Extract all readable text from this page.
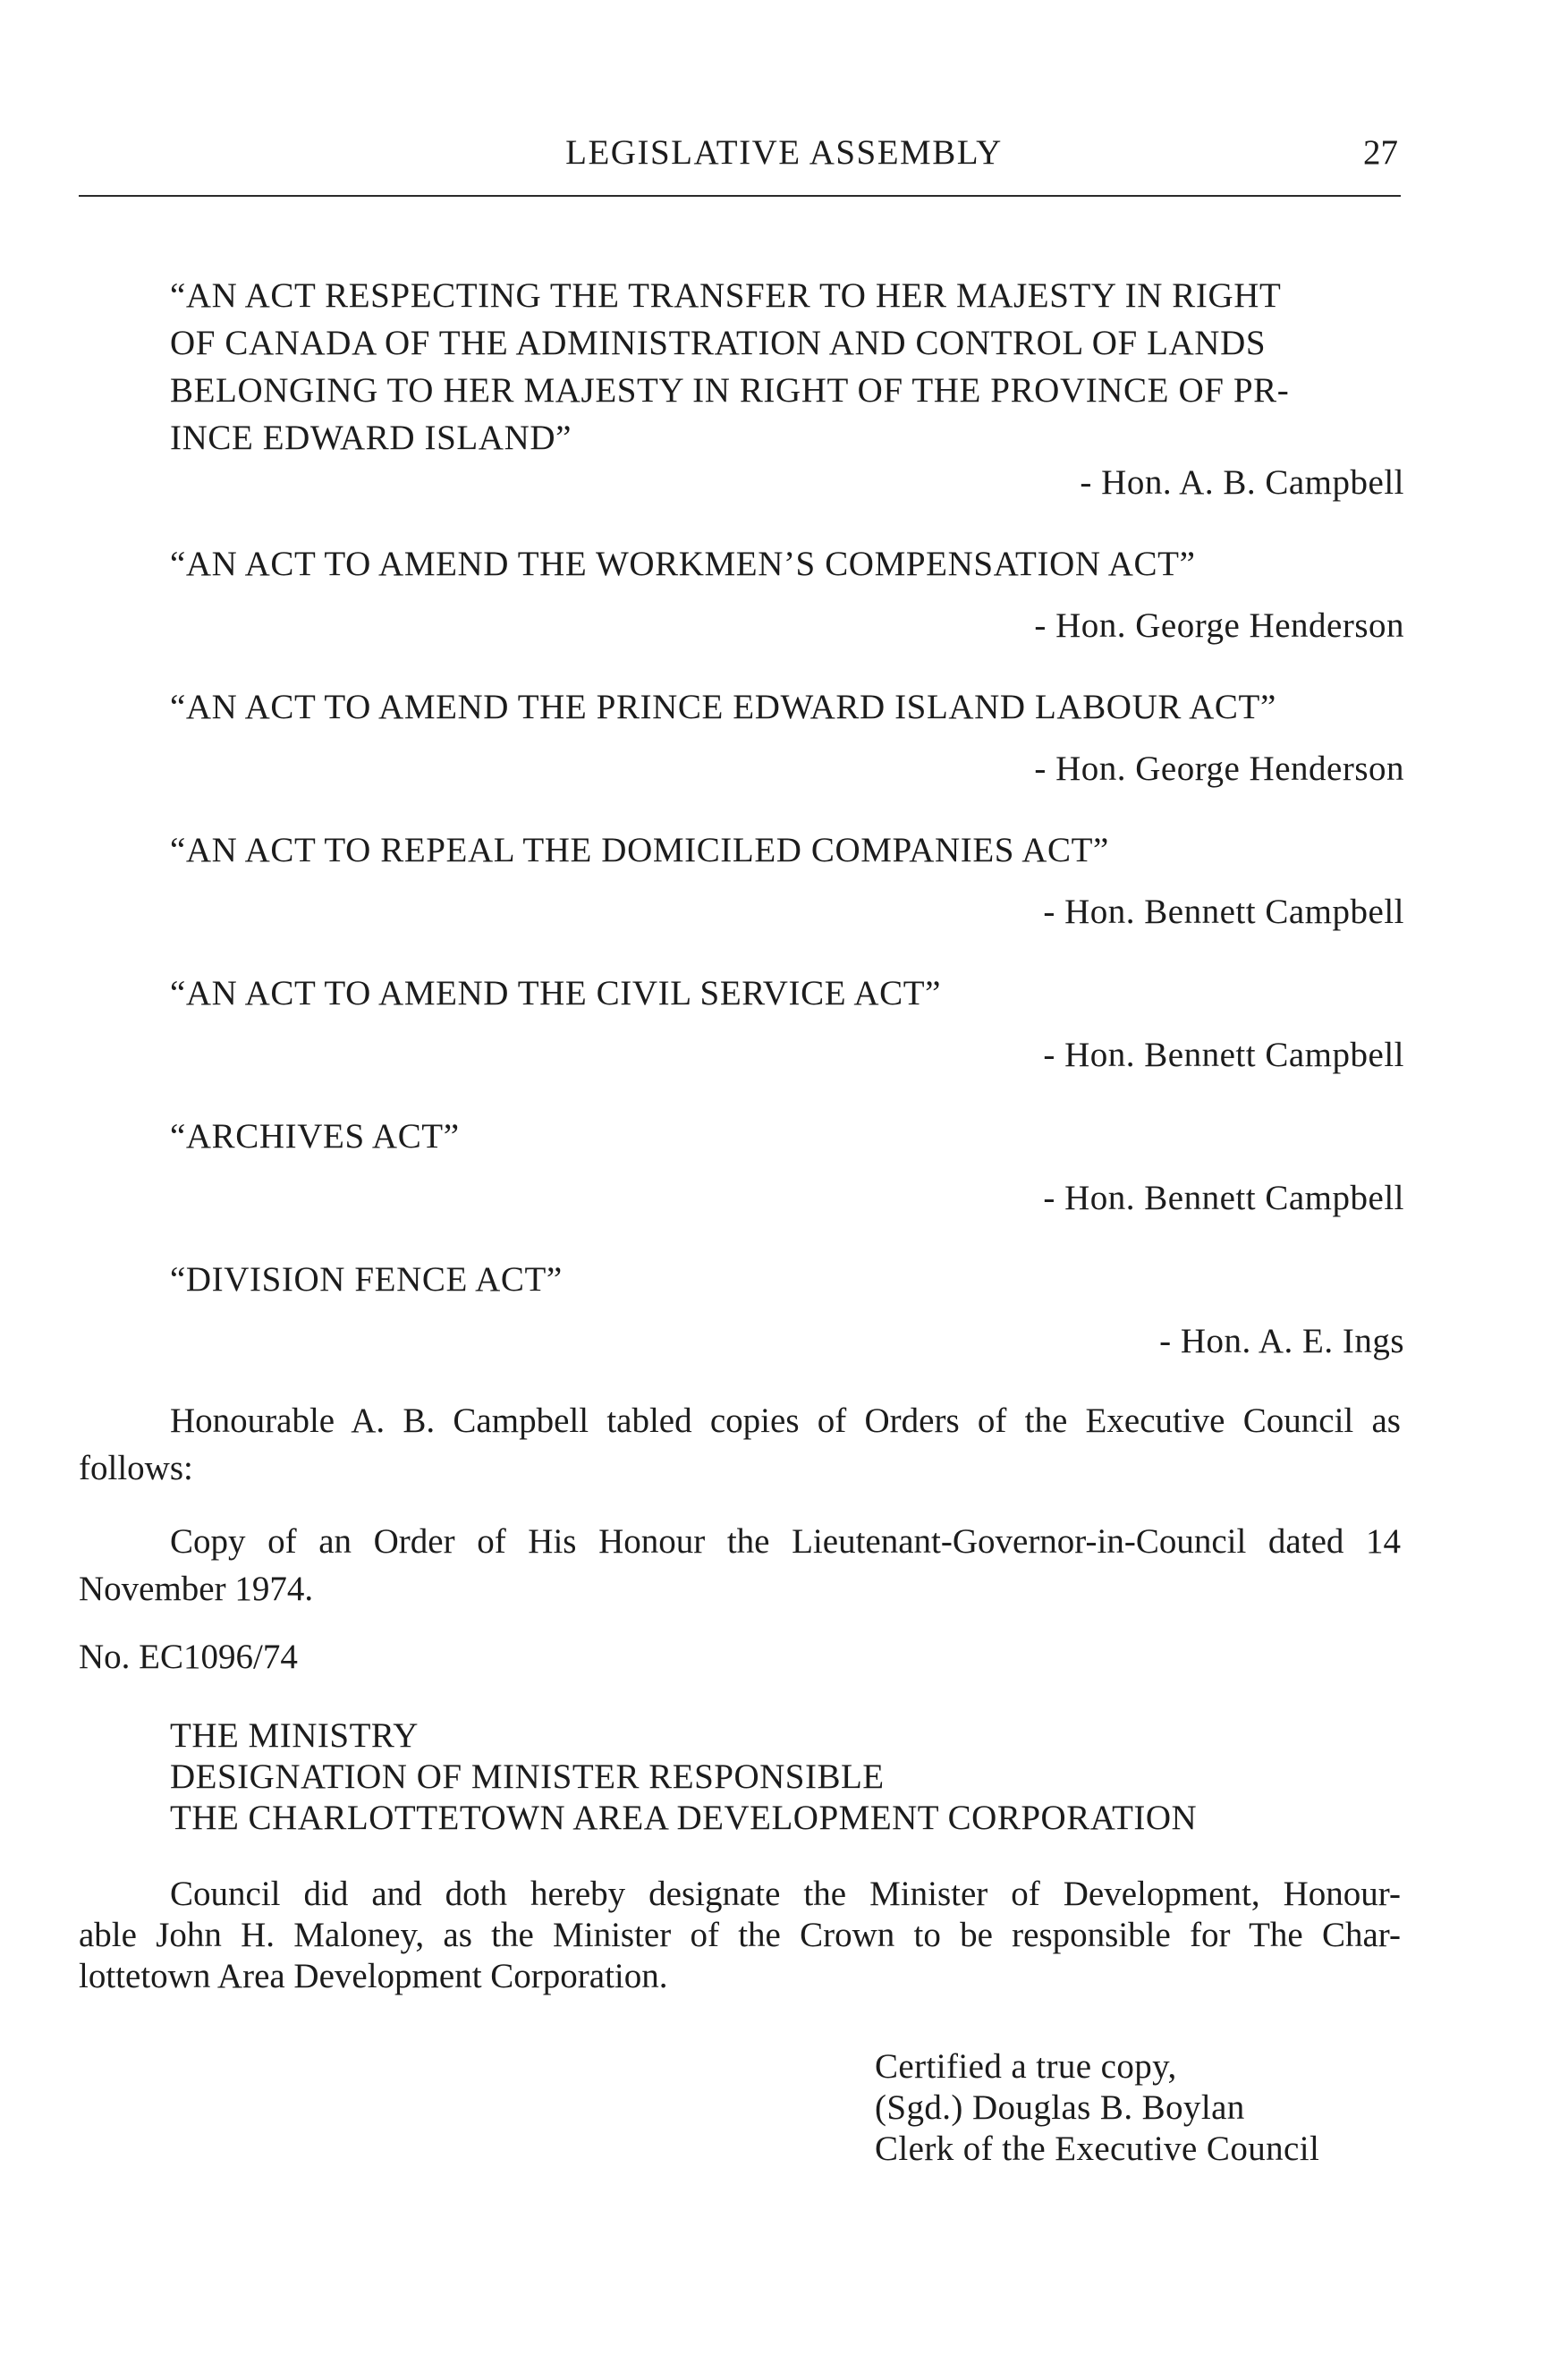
LEGISLATIVE ASSEMBLY	27
“AN ACT RESPECTING THE TRANSFER TO HER MAJESTY IN RIGHT
OF CANADA OF THE ADMINISTRATION AND CONTROL OF LANDS
BELONGING TO HER MAJESTY IN RIGHT OF THE PROVINCE OF PR-
INCE EDWARD ISLAND”
- Hon. A. B. Campbell
“AN ACT TO AMEND THE WORKMEN’S COMPENSATION ACT”
- Hon. George Henderson
“AN ACT TO AMEND THE PRINCE EDWARD ISLAND LABOUR ACT”
- Hon. George Henderson
“AN ACT TO REPEAL THE DOMICILED COMPANIES ACT”
- Hon. Bennett Campbell
“AN ACT TO AMEND THE CIVIL SERVICE ACT”
- Hon. Bennett Campbell
“ARCHIVES ACT”
- Hon. Bennett Campbell
“DIVISION FENCE ACT”
- Hon. A. E. Ings
Honourable A. B. Campbell tabled copies of Orders of the Executive Council as
follows:
Copy of an Order of His Honour the Lieutenant-Governor-in-Council dated 14
November 1974.
No. EC1096/74
THE MINISTRY
DESIGNATION OF MINISTER RESPONSIBLE
THE CHARLOTTETOWN AREA DEVELOPMENT CORPORATION
Council did and doth hereby designate the Minister of Development, Honour-
able John H. Maloney, as the Minister of the Crown to be responsible for The Char-
lottetown Area Development Corporation.
Certified a true copy,
(Sgd.) Douglas B. Boylan
Clerk of the Executive Council
